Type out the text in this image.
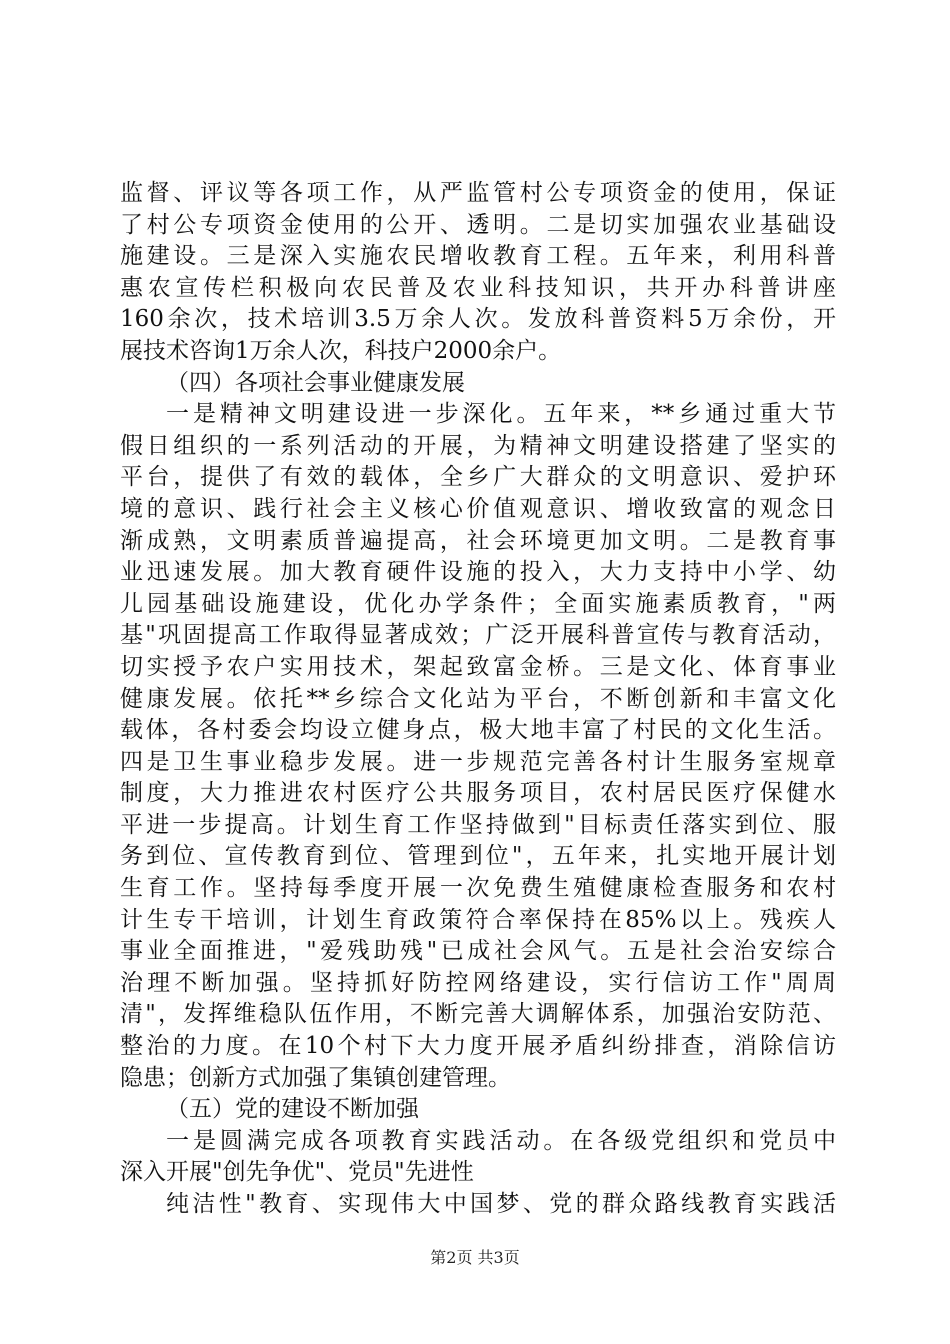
监督、评议等各项工作，从严监管村公专项资金的使用，保证
了村公专项资金使用的公开、透明。二是切实加强农业基础设
施建设。三是深入实施农民增收教育工程。五年来，利用科普
惠农宣传栏积极向农民普及农业科技知识，共开办科普讲座
160余次，技术培训3.5万余人次。发放科普资料5万余份，开
展技术咨询1万余人次，科技户2000余户。
（四）各项社会事业健康发展
一是精神文明建设进一步深化。五年来，**乡通过重大节
假日组织的一系列活动的开展，为精神文明建设搭建了坚实的
平台，提供了有效的载体，全乡广大群众的文明意识、爱护环
境的意识、践行社会主义核心价值观意识、增收致富的观念日
渐成熟，文明素质普遍提高，社会环境更加文明。二是教育事
业迅速发展。加大教育硬件设施的投入，大力支持中小学、幼
儿园基础设施建设，优化办学条件；全面实施素质教育，"两
基"巩固提高工作取得显著成效；广泛开展科普宣传与教育活动，
切实授予农户实用技术，架起致富金桥。三是文化、体育事业
健康发展。依托**乡综合文化站为平台，不断创新和丰富文化
载体，各村委会均设立健身点，极大地丰富了村民的文化生活。
四是卫生事业稳步发展。进一步规范完善各村计生服务室规章
制度，大力推进农村医疗公共服务项目，农村居民医疗保健水
平进一步提高。计划生育工作坚持做到"目标责任落实到位、服
务到位、宣传教育到位、管理到位"，五年来，扎实地开展计划
生育工作。坚持每季度开展一次免费生殖健康检查服务和农村
计生专干培训，计划生育政策符合率保持在85%以上。残疾人
事业全面推进，"爱残助残"已成社会风气。五是社会治安综合
治理不断加强。坚持抓好防控网络建设，实行信访工作"周周
清"，发挥维稳队伍作用，不断完善大调解体系，加强治安防范、
整治的力度。在10个村下大力度开展矛盾纠纷排查，消除信访
隐患；创新方式加强了集镇创建管理。
（五）党的建设不断加强
一是圆满完成各项教育实践活动。在各级党组织和党员中
深入开展"创先争优"、党员"先进性
纯洁性"教育、实现伟大中国梦、党的群众路线教育实践活
第2页 共3页
